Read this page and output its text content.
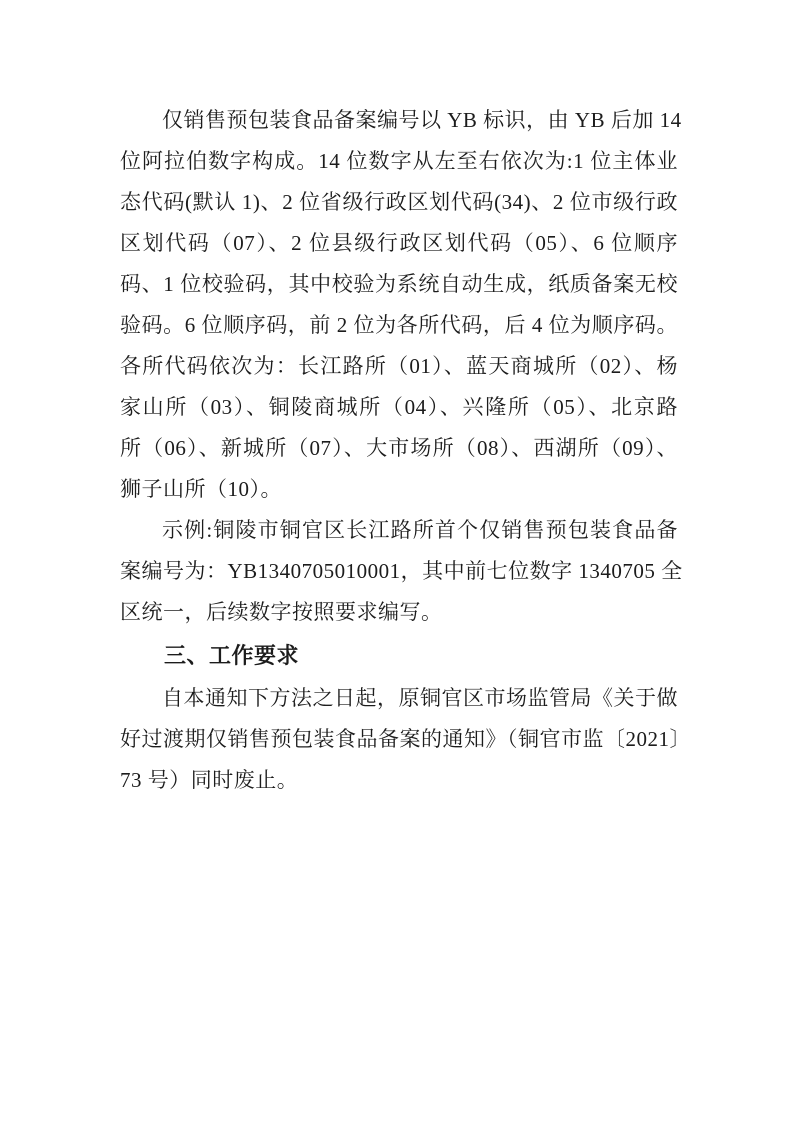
仅销售预包装食品备案编号以 YB 标识，由 YB 后加 14
位阿拉伯数字构成。14 位数字从左至右依次为:1 位主体业
态代码(默认 1)、2 位省级行政区划代码(34)、2 位市级行政
区划代码（07）、2 位县级行政区划代码（05）、6 位顺序
码、1 位校验码，其中校验为系统自动生成，纸质备案无校
验码。6 位顺序码，前 2 位为各所代码，后 4 位为顺序码。
各所代码依次为：长江路所（01）、蓝天商城所（02）、杨
家山所（03）、铜陵商城所（04）、兴隆所（05）、北京路
所（06）、新城所（07）、大市场所（08）、西湖所（09）、
狮子山所（10）。
示例:铜陵市铜官区长江路所首个仅销售预包装食品备
案编号为：YB1340705010001，其中前七位数字 1340705 全
区统一，后续数字按照要求编写。
三、工作要求
自本通知下方法之日起，原铜官区市场监管局《关于做
好过渡期仅销售预包装食品备案的通知》（铜官市监〔2021〕
73 号）同时废止。
